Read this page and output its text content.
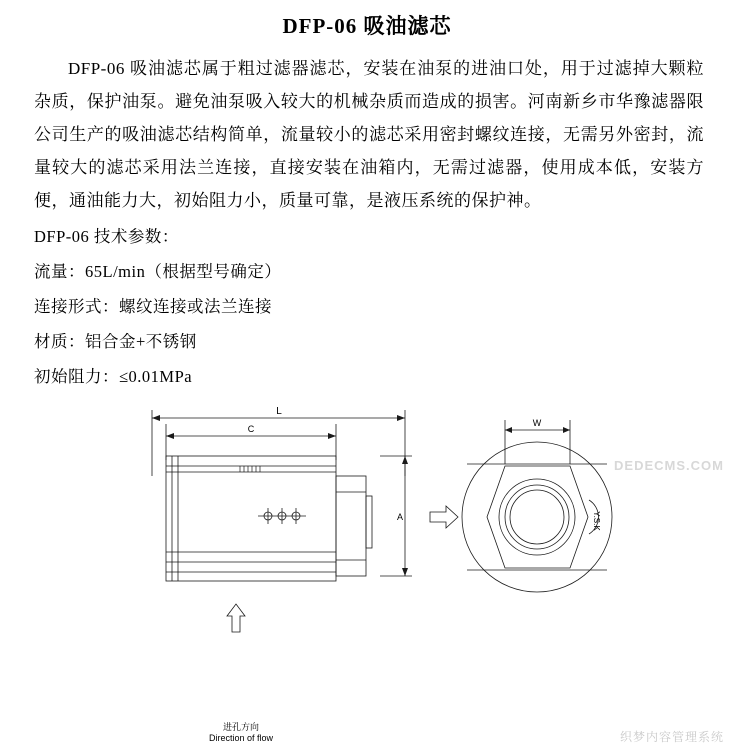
DFP-06 吸油滤芯
DFP-06 吸油滤芯属于粗过滤器滤芯，安装在油泵的进油口处，用于过滤掉大颗粒杂质，保护油泵。避免油泵吸入较大的机械杂质而造成的损害。河南新乡市华豫滤器限公司生产的吸油滤芯结构简单，流量较小的滤芯采用密封螺纹连接，无需另外密封，流量较大的滤芯采用法兰连接，直接安装在油箱内，无需过滤器，使用成本低，安装方便，通油能力大，初始阻力小，质量可靠，是液压系统的保护神。
DFP-06 技术参数：
流量：65L/min（根据型号确定）
连接形式：螺纹连接或法兰连接
材质：铝合金+不锈钢
初始阻力：≤0.01MPa
L
C
A
W
Y.S.K
进孔方向
Direction of flow
DEDECMS.COM
织梦内容管理系统
